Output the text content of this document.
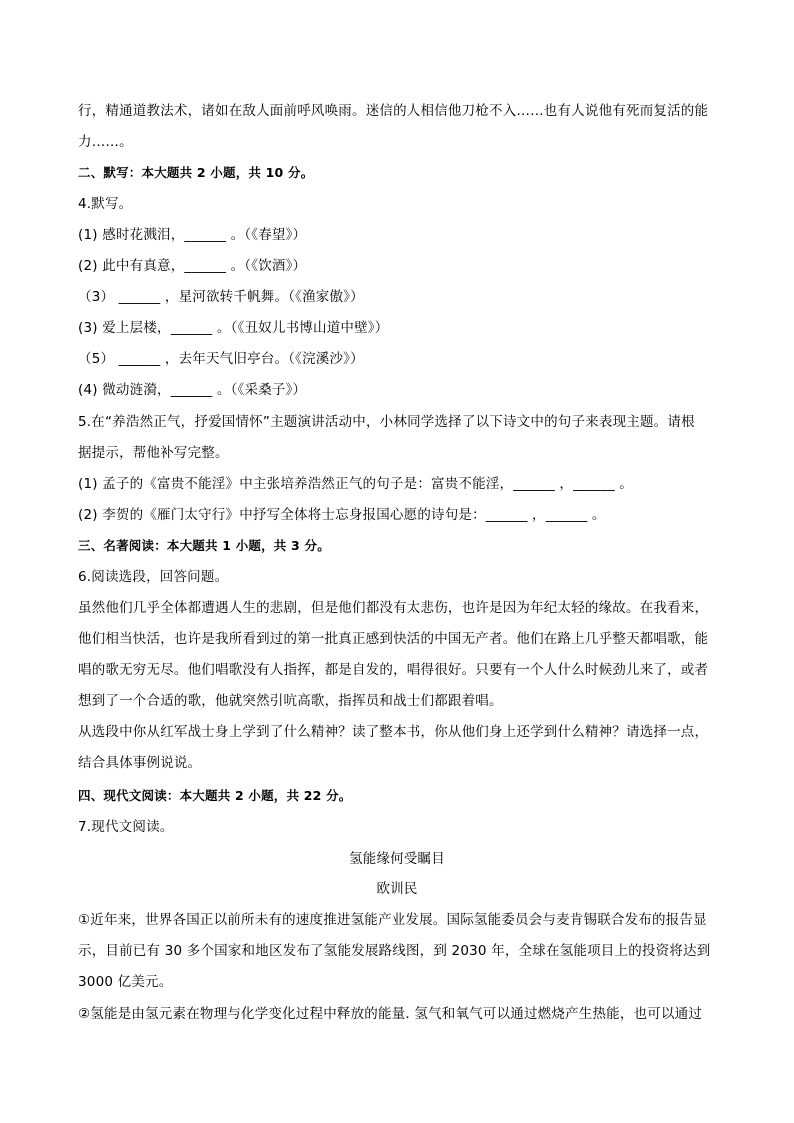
行，精通道教法术，诸如在敌人面前呼风唤雨。迷信的人相信他刀枪不入……也有人说他有死而复活的能
力……。
二、默写：本大题共 2 小题，共 10 分。
4.默写。
(1) 感时花溅泪，______ 。（《春望》）
(2) 此中有真意，______ 。（《饮酒》）
（3） ______ ，星河欲转千帆舞。（《渔家傲》）
(3) 爱上层楼，______ 。（《丑奴儿书博山道中壁》）
（5） ______ ，去年天气旧亭台。（《浣溪沙》）
(4) 微动涟漪，______ 。（《采桑子》）
5.在“养浩然正气，抒爱国情怀”主题演讲活动中，小林同学选择了以下诗文中的句子来表现主题。请根
据提示，帮他补写完整。
(1) 孟子的《富贵不能淫》中主张培养浩然正气的句子是：富贵不能淫，______ ，______ 。
(2) 李贺的《雁门太守行》中抒写全体将士忘身报国心愿的诗句是：______ ，______ 。
三、名著阅读：本大题共 1 小题，共 3 分。
6.阅读选段，回答问题。
虽然他们几乎全体都遭遇人生的悲剧，但是他们都没有太悲伤，也许是因为年纪太轻的缘故。在我看来，
他们相当快活，也许是我所看到过的第一批真正感到快活的中国无产者。他们在路上几乎整天都唱歌，能
唱的歌无穷无尽。他们唱歌没有人指挥，都是自发的，唱得很好。只要有一个人什么时候劲儿来了，或者
想到了一个合适的歌，他就突然引吭高歌，指挥员和战士们都跟着唱。
从选段中你从红军战士身上学到了什么精神？读了整本书，你从他们身上还学到什么精神？请选择一点，
结合具体事例说说。
四、现代文阅读：本大题共 2 小题，共 22 分。
7.现代文阅读。
氢能缘何受瞩目
欧训民
①近年来，世界各国正以前所未有的速度推进氢能产业发展。国际氢能委员会与麦肯锡联合发布的报告显
示，目前已有 30 多个国家和地区发布了氢能发展路线图，到 2030 年，全球在氢能项目上的投资将达到
3000 亿美元。
②氢能是由氢元素在物理与化学变化过程中释放的能量. 氢气和氧气可以通过燃烧产生热能，也可以通过
